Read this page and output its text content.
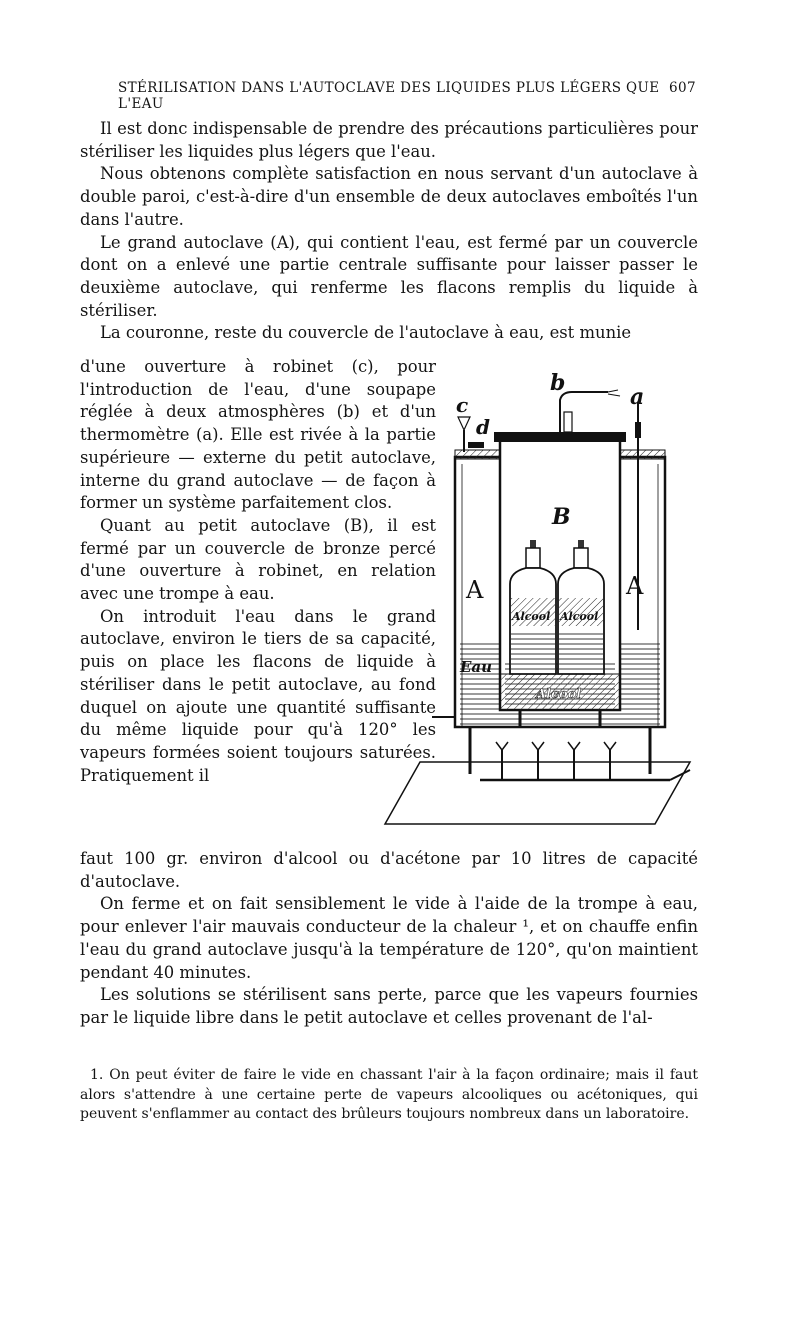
STÉRILISATION DANS L'AUTOCLAVE DES LIQUIDES PLUS LÉGERS QUE L'EAU
607

Il est donc indispensable de prendre des précautions particulières pour stériliser les liquides plus légers que l'eau.

Nous obtenons complète satisfaction en nous servant d'un autoclave à double paroi, c'est-à-dire d'un ensemble de deux autoclaves emboîtés l'un dans l'autre.

Le grand autoclave (A), qui contient l'eau, est fermé par un couvercle dont on a enlevé une partie centrale suffisante pour laisser passer le deuxième autoclave, qui renferme les flacons remplis du liquide à stériliser.

La couronne, reste du couvercle de l'autoclave à eau, est munie

d'une ouverture à robinet (c), pour l'introduction de l'eau, d'une soupape réglée à deux atmosphères (b) et d'un thermomètre (a). Elle est rivée à la partie supérieure — externe du petit autoclave, interne du grand autoclave — de façon à former un système parfaitement clos.

Quant au petit autoclave (B), il est fermé par un couvercle de bronze percé d'une ouverture à robinet, en relation avec une trompe à eau.

On introduit l'eau dans le grand autoclave, environ le tiers de sa capacité, puis on place les flacons de liquide à stériliser dans le petit autoclave, au fond duquel on ajoute une quantité suffisante du même liquide pour qu'à 120° les vapeurs formées soient toujours saturées. Pratiquement il

faut 100 gr. environ d'alcool ou d'acétone par 10 litres de capacité d'autoclave.

On ferme et on fait sensiblement le vide à l'aide de la trompe à eau, pour enlever l'air mauvais conducteur de la chaleur ¹, et on chauffe enfin l'eau du grand autoclave jusqu'à la température de 120°, qu'on maintient pendant 40 minutes.

Les solutions se stérilisent sans perte, parce que les vapeurs fournies par le liquide libre dans le petit autoclave et celles provenant de l'al-

b
a
c
d
B
A	A
Alcool Alcool
Alcool
Eau

1. On peut éviter de faire le vide en chassant l'air à la façon ordinaire; mais il faut alors s'attendre à une certaine perte de vapeurs alcooliques ou acétoniques, qui peuvent s'enflammer au contact des brûleurs toujours nombreux dans un laboratoire.
